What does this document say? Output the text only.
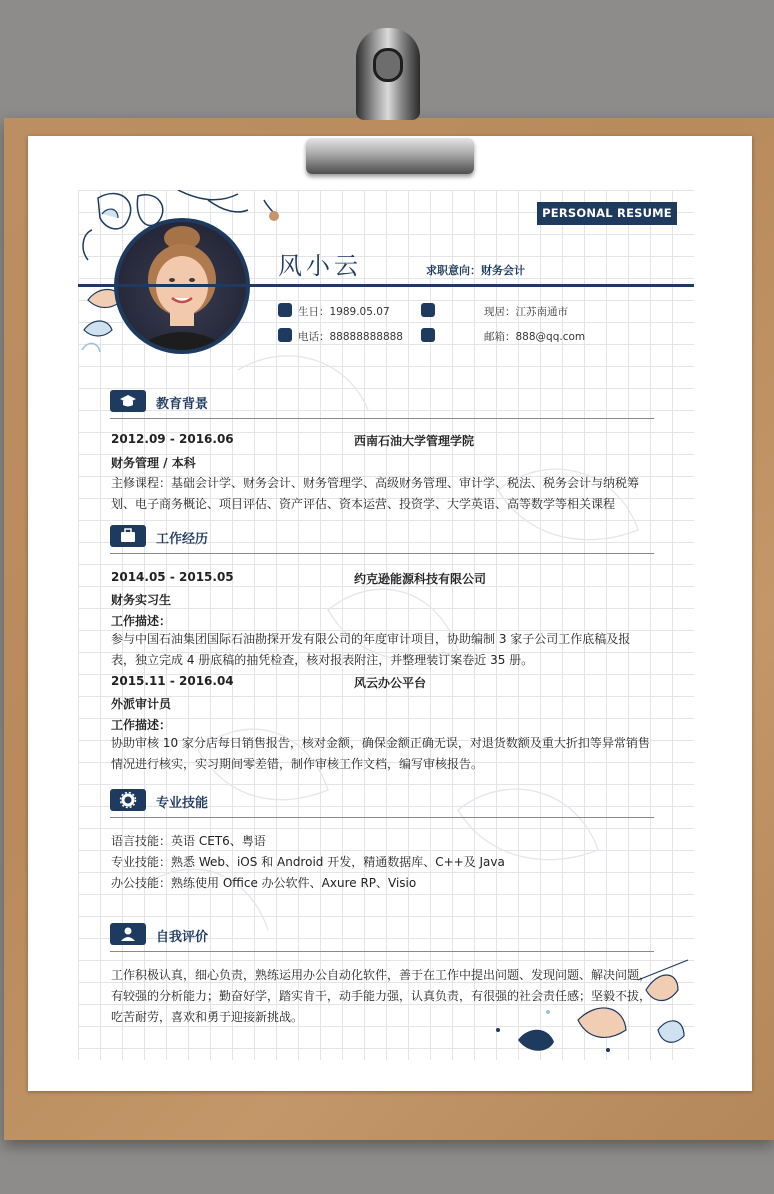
PERSONAL RESUME
风小云	求职意向：财务会计
生日：1989.05.07	现居：江苏南通市
电话：88888888888	邮箱：888@qq.com
教育背景
2012.09 - 2016.06	西南石油大学管理学院
财务管理 / 本科
主修课程：基础会计学、财务会计、财务管理学、高级财务管理、审计学、税法、税务会计与纳税筹划、电子商务概论、项目评估、资产评估、资本运营、投资学、大学英语、高等数学等相关课程
工作经历
2014.05 - 2015.05	约克逊能源科技有限公司
财务实习生
工作描述：
参与中国石油集团国际石油勘探开发有限公司的年度审计项目，协助编制 3 家子公司工作底稿及报表，独立完成 4 册底稿的抽凭检查，核对报表附注，并整理装订案卷近 35 册。
2015.11 - 2016.04	风云办公平台
外派审计员
工作描述：
协助审核 10 家分店每日销售报告，核对金额，确保金额正确无误，对退货数额及重大折扣等异常销售情况进行核实，实习期间零差错，制作审核工作文档，编写审核报告。
专业技能
语言技能：英语 CET6、粤语
专业技能：熟悉 Web、iOS 和 Android 开发，精通数据库、C++及 Java
办公技能：熟练使用 Office 办公软件、Axure RP、Visio
自我评价
工作积极认真，细心负责，熟练运用办公自动化软件，善于在工作中提出问题、发现问题、解决问题，有较强的分析能力；勤奋好学，踏实肯干，动手能力强，认真负责，有很强的社会责任感；坚毅不拔，吃苦耐劳，喜欢和勇于迎接新挑战。
